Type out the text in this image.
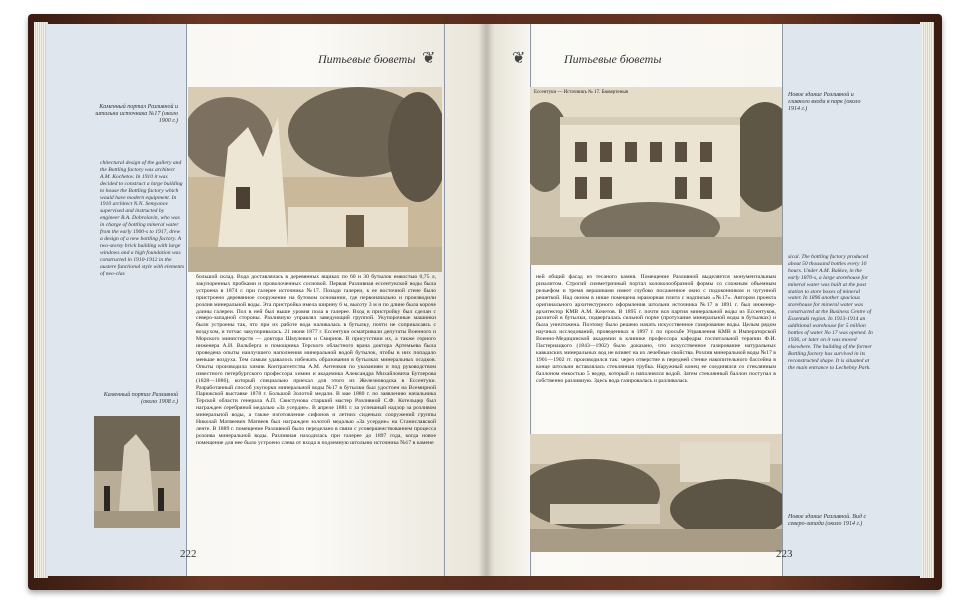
Питьевые бюветы ❦
Каменный портал Разливной и штольни источника №17 (около 1900 г.)
chitectural design of the gallery and the Bottling factory was architect A.M. Kochetov. In 1910 it was decided to construct a large building to house the Bottling factory which would have modern equipment. In 1910 architect N.N. Semyonov supervised and instructed by engineer B.A. Dobrolavin, who was in charge of bottling mineral water from the early 1900-s to 1917, drew a design of a new bottling factory. A two-storey brick building with large windows and a high foundation was constructed in 1910-1912 in the austere functional style with elements of neo-clas
Каменный портал Разливной (около 1908 г.)
большой склад. Вода доставлялась в деревянных ящиках по 60 и 30 бутылок емкостью 0,75 л, закупоренных пробками и проволоченных сосновой. Первая Разливная ессентукской воды была устроена в 1874 г. при галерее источника №17. Позади галереи, к ее восточной стене было пристроено деревянное сооружение на бутовом основании, где первоначально и производили розлив минеральной воды. Эта пристройка имела ширину 6 м, высоту 3 м и по длине была короче длины галереи. Пол в ней был выше уровня пола в галерее. Вход в пристройку был сделан с северо-западной стороны. Разливную управлял заведующий группой. Укупорочные машинки были устроены так, что при их работе вода наливалась в бутылку, почти не соприкасаясь с воздухом, и тотчас закупоривалась. 21 июня 1877 г. Ессентуки осматривали депутаты Военного и Морского министерств — доктора Шмулевич и Смирнов. В присутствии их, а также горного инженера А.И. Вальберга и помощника Терского областного врача доктора Артемьева была проведена опыты наилучшего наполнения минеральной водой бутылок, чтобы в них попадало меньше воздуха. Тем самым удавалось избежать образования в бутылках минеральных осадков. Опыты производила химик Контрагентства А.М. Антенков по указаниям и под руководством известного петербургского профессора химии и академика Александра Михайловича Бутлерова (1828—1886), который специально приехал для этого из Железноводска в Ессентуки. Разработанный способ укупорки минеральной воды №17 в бутылки был удостоен на Всемирной Парижской выставке 1878 г. Большой Золотой медали. В мае 1880 г. по заявлению начальника Терской области генерала А.П. Свистунова старший мастер Разливной С.Ф. Котельцер был награжден серебряной медалью «За усердие». В апреле 1881 г. за успешный надзор за розливом минеральной воды, а также изготовление сифонов и летних сиденьих сооружений группы Николай Матвеевич Матвеев был награжден золотой медалью «За усердие» на Станиславской ленте. В 1889 г. помещение Разливной было переделано в связи с усовершенствованием процесса розлива минеральной воды. Разливная находилась при галерее до 1897 года, когда новое помещение для нее было устроено слева от входа в подземную штольню источника №17 в камене
222
❦	Питьевые бюветы
Ессентуки — Источникъ № 17. Бювертеныя
ней общий фасад из тесаного камня. Помещение Разливной выделяется монументальным ризалитом. Строгий симметричный портал колоколообразной формы со сложным объемным рельефом и тремя вершинами имеет глубоко посаженное окно с подоконником и чугунной решеткой. Над окном в нише помещена мраморная плита с надписью «№17». Автором проекта оригинального архитектурного оформления штольни источника №17 в 1891 г. был инженер-архитектор КМВ А.М. Кочетов. В 1895 г. почти вся партия минеральной воды из Ессентуков, разлитой в бутылки, подвергалась сильной порче (протухание минеральной воды в бутылках) и была уничтожена. Поэтому было решено начать искусственное газирование воды. Целым рядом научных исследований, проведенных в 1897 г. по просьбе Управления КМВ в Императорской Военно-Медицинской академии в клинике профессора кафедры госпитальной терапии Ф.И. Пастернацкого (1843—1902) было доказано, что искусственное газирование натуральных кавказских минеральных вод не влияет на их лечебные свойства. Розлив минеральной воды №17 в 1901—1902 гг. производился так: через отверстие в передней стенке накопительного бассейна в конце штольни вставлялась стеклянная трубка. Наружный конец ее соединялся со стеклянным баллоном емкостью 5 ведер, который и наполнялся водой. Затем стеклянный баллон поступал в собственно разливную. Здесь вода газировалась и разливалась
Новое здание Разливной и главного входа в парк (около 1914 г.)
sical. The bottling factory produced about 50 thousand bottles every 10 hours. Under A.M. Baikov, in the early 1870-s, a large storehouse for mineral water was built at the post station to store boxes of mineral water. In 1896 another spacious storehouse for mineral water was constructed at the Business Centre of Essentuki region. In 1913-1914 an additional warehouse for 5 million bottles of water No 17 was opened. In 1936, or later on it was moved elsewhere. The building of the former Bottling factory has survived in its reconstructed shape. It is situated at the main entrance to Lechebny Park.
Новое здание Разливной. Вид с северо-запада (около 1914 г.)
223
